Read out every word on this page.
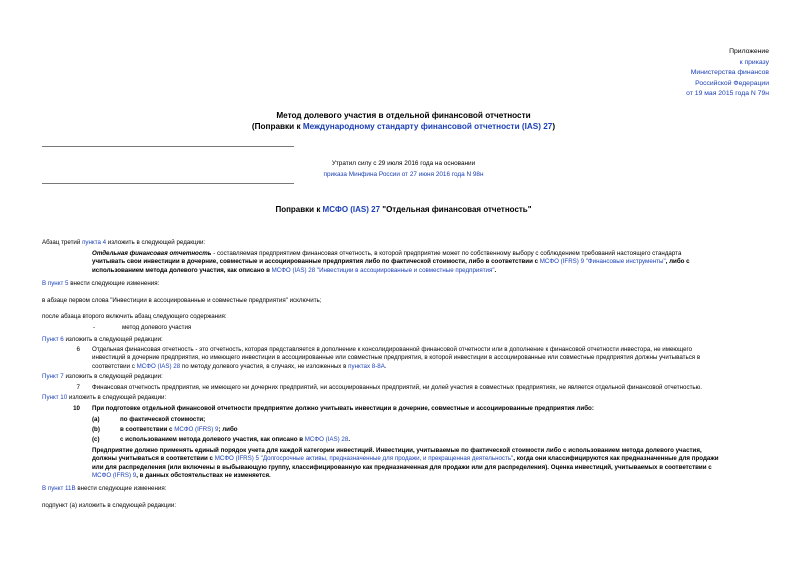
Приложение
к приказу
Министерства финансов
Российской Федерации
от 19 мая 2015 года N 79н
Метод долевого участия в отдельной финансовой отчетности
(Поправки к Международному стандарту финансовой отчетности (IAS) 27)
Утратил силу с 29 июля 2016 года на основании
приказа Минфина России от 27 июня 2016 года N 98н
Поправки к МСФО (IAS) 27 "Отдельная финансовая отчетность"
Абзац третий пункта 4 изложить в следующей редакции:
Отдельная финансовая отчетность - составляемая предприятием финансовая отчетность, в которой предприятие может по собственному выбору с соблюдением требований настоящего стандарта
учитывать свои инвестиции в дочерние, совместные и ассоциированные предприятия либо по фактической стоимости, либо в соответствии с МСФО (IFRS) 9 "Финансовые инструменты", либо с
использованием метода долевого участия, как описано в МСФО (IAS) 28 "Инвестиции в ассоциированные и совместные предприятия".
В пункт 5 внести следующие изменения:
в абзаце первом слова "Инвестиции в ассоциированные и совместные предприятия" исключить;
после абзаца второго включить абзац следующего содержания:
-	метод долевого участия
Пункт 6 изложить в следующей редакции:
6 Отдельная финансовая отчетность - это отчетность, которая представляется в дополнение к консолидированной финансовой отчетности или в дополнение к финансовой отчетности инвестора, не имеющего
инвестиций в дочерние предприятия, но имеющего инвестиции в ассоциированные или совместные предприятия, в которой инвестиции в ассоциированные или совместные предприятия должны учитываться в
соответствии с МСФО (IAS) 28 по методу долевого участия, в случаях, не изложенных в пунктах 8-8А.
Пункт 7 изложить в следующей редакции:
7 Финансовая отчетность предприятия, не имеющего ни дочерних предприятий, ни ассоциированных предприятий, ни долей участия в совместных предприятиях, не является отдельной финансовой отчетностью.
Пункт 10 изложить в следующей редакции:
10 При подготовке отдельной финансовой отчетности предприятие должно учитывать инвестиции в дочерние, совместные и ассоциированные предприятия либо:
(a)	по фактической стоимости;
(b)	в соответствии с МСФО (IFRS) 9; либо
(c)	с использованием метода долевого участия, как описано в МСФО (IAS) 28.
Предприятие должно применять единый порядок учета для каждой категории инвестиций. Инвестиции, учитываемые по фактической стоимости либо с использованием метода долевого участия,
должны учитываться в соответствии с МСФО (IFRS) 5 "Долгосрочные активы, предназначенные для продажи, и прекращенная деятельность", когда они классифицируются как предназначенные для продажи
или для распределения (или включены в выбывающую группу, классифицированную как предназначенная для продажи или для распределения). Оценка инвестиций, учитываемых в соответствии с
МСФО (IFRS) 9, в данных обстоятельствах не изменяется.
В пункт 11В внести следующие изменения:
подпункт (а) изложить в следующей редакции:
